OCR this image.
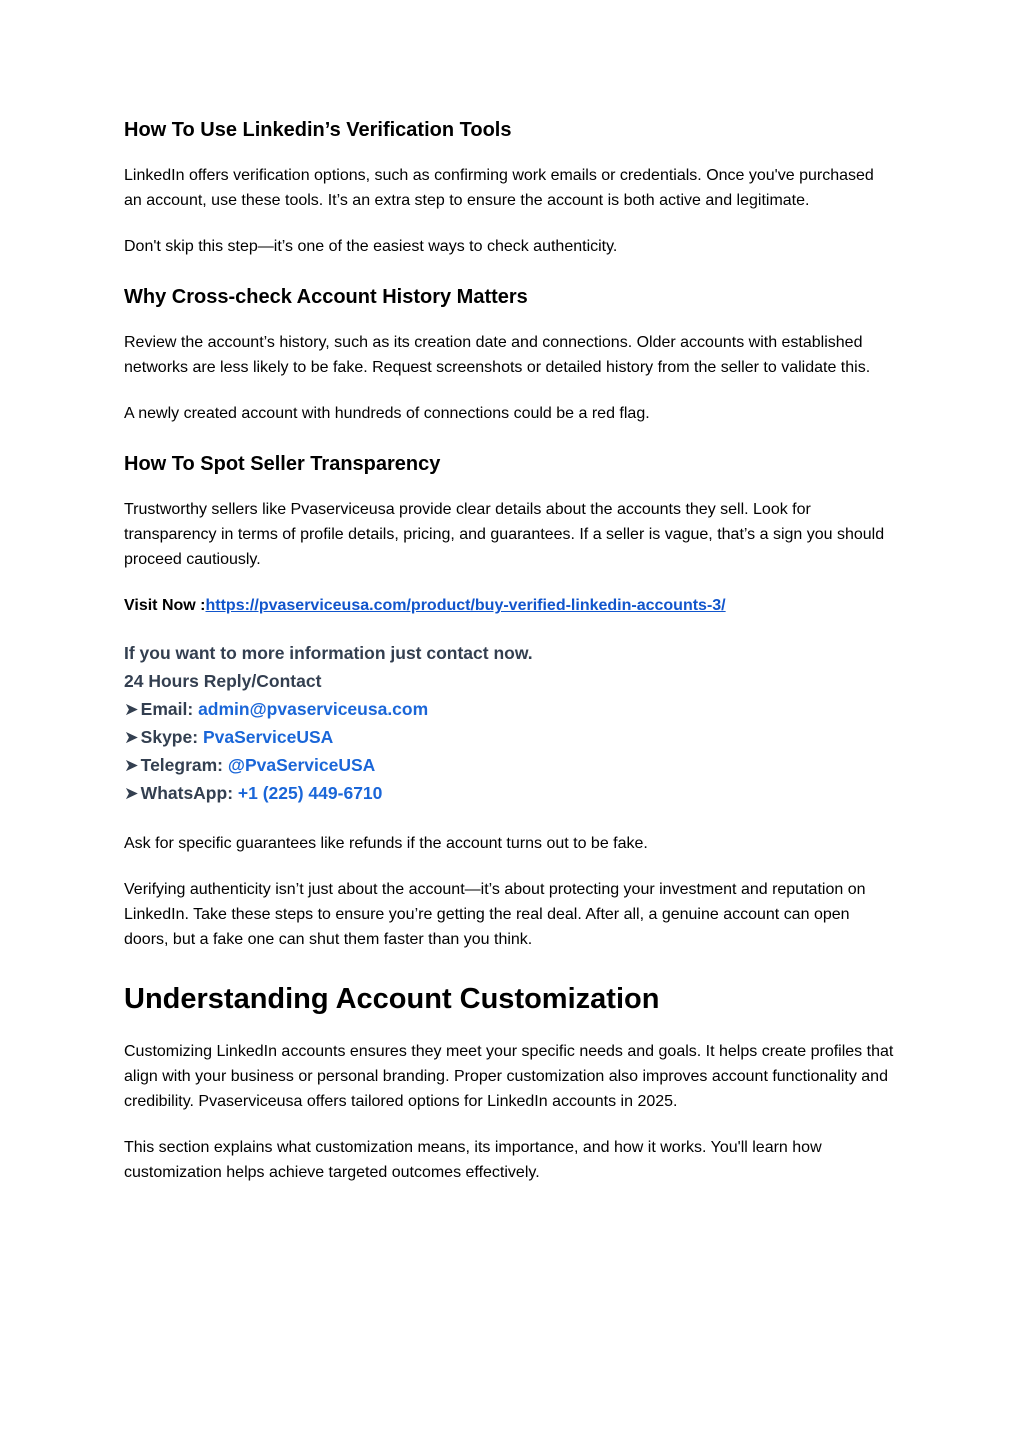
How To Use Linkedin’s Verification Tools

LinkedIn offers verification options, such as confirming work emails or credentials. Once you've purchased an account, use these tools. It’s an extra step to ensure the account is both active and legitimate.

Don't skip this step—it’s one of the easiest ways to check authenticity.

Why Cross-check Account History Matters

Review the account’s history, such as its creation date and connections. Older accounts with established networks are less likely to be fake. Request screenshots or detailed history from the seller to validate this.

A newly created account with hundreds of connections could be a red flag.

How To Spot Seller Transparency

Trustworthy sellers like Pvaserviceusa provide clear details about the accounts they sell. Look for transparency in terms of profile details, pricing, and guarantees. If a seller is vague, that’s a sign you should proceed cautiously.

Visit Now :https://pvaserviceusa.com/product/buy-verified-linkedin-accounts-3/

If you want to more information just contact now.

24 Hours Reply/Contact

➤ Email: admin@pvaserviceusa.com

➤ Skype: PvaServiceUSA

➤ Telegram: @PvaServiceUSA

➤ WhatsApp: +1 (225) 449-6710

Ask for specific guarantees like refunds if the account turns out to be fake.

Verifying authenticity isn’t just about the account—it’s about protecting your investment and reputation on LinkedIn. Take these steps to ensure you’re getting the real deal. After all, a genuine account can open doors, but a fake one can shut them faster than you think.

Understanding Account Customization

Customizing LinkedIn accounts ensures they meet your specific needs and goals. It helps create profiles that align with your business or personal branding. Proper customization also improves account functionality and credibility. Pvaserviceusa offers tailored options for LinkedIn accounts in 2025.

This section explains what customization means, its importance, and how it works. You'll learn how customization helps achieve targeted outcomes effectively.
